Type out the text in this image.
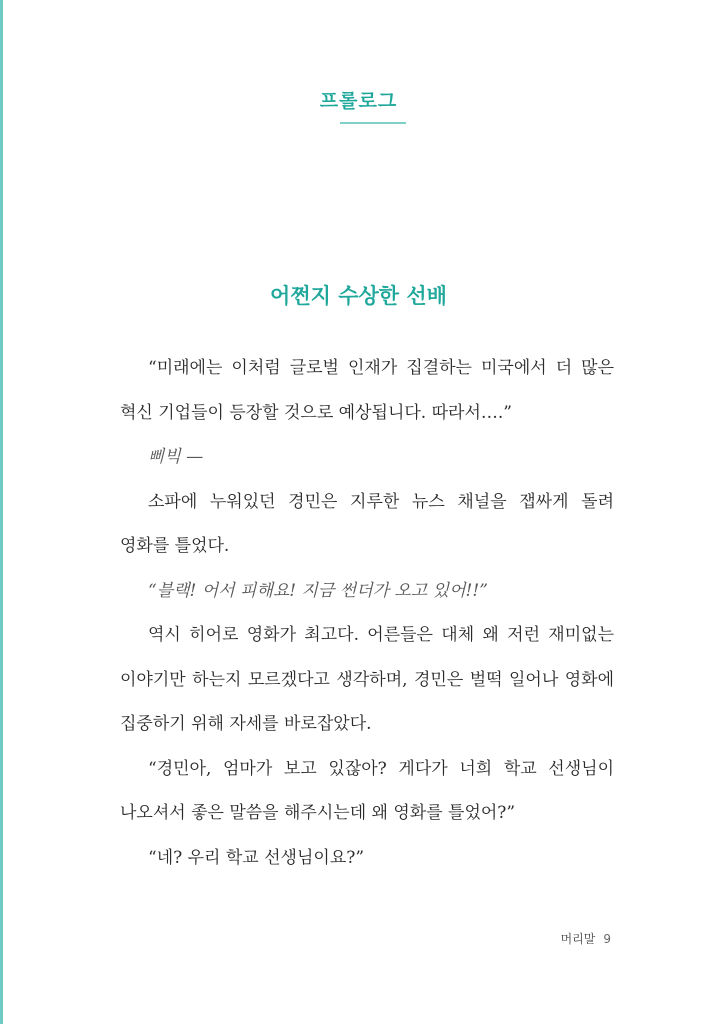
프롤로그
어쩐지 수상한 선배

“미래에는 이처럼 글로벌 인재가 집결하는 미국에서 더 많은 혁신 기업들이 등장할 것으로 예상됩니다. 따라서….”

삐빅 —

소파에 누워있던 경민은 지루한 뉴스 채널을 잽싸게 돌려 영화를 틀었다.

“블랙! 어서 피해요! 지금 썬더가 오고 있어!!”

역시 히어로 영화가 최고다. 어른들은 대체 왜 저런 재미없는 이야기만 하는지 모르겠다고 생각하며, 경민은 벌떡 일어나 영화에 집중하기 위해 자세를 바로잡았다.

“경민아, 엄마가 보고 있잖아? 게다가 너희 학교 선생님이 나오셔서 좋은 말씀을 해주시는데 왜 영화를 틀었어?”

“네? 우리 학교 선생님이요?”

머리말 9
